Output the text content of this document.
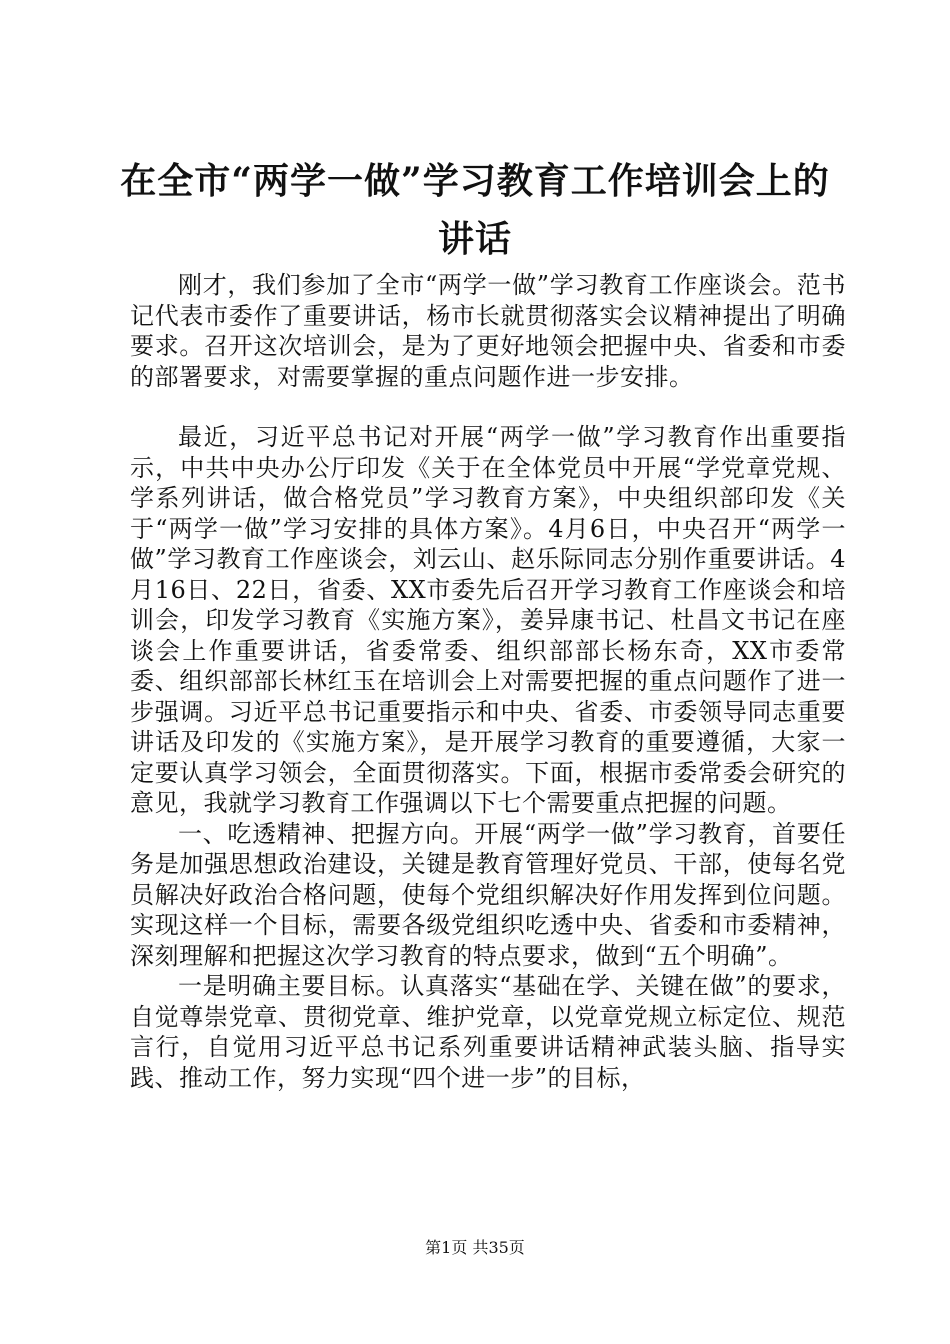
在全市“两学一做”学习教育工作培训会上的
讲话

刚才，我们参加了全市“两学一做”学习教育工作座谈会。范书记代表市委作了重要讲话，杨市长就贯彻落实会议精神提出了明确要求。召开这次培训会，是为了更好地领会把握中央、省委和市委的部署要求，对需要掌握的重点问题作进一步安排。

最近，习近平总书记对开展“两学一做”学习教育作出重要指示，中共中央办公厅印发《关于在全体党员中开展“学党章党规、学系列讲话，做合格党员”学习教育方案》，中央组织部印发《关于“两学一做”学习安排的具体方案》。4月6日，中央召开“两学一做”学习教育工作座谈会，刘云山、赵乐际同志分别作重要讲话。4月16日、22日，省委、XX市委先后召开学习教育工作座谈会和培训会，印发学习教育《实施方案》，姜异康书记、杜昌文书记在座谈会上作重要讲话，省委常委、组织部部长杨东奇，XX市委常委、组织部部长林红玉在培训会上对需要把握的重点问题作了进一步强调。习近平总书记重要指示和中央、省委、市委领导同志重要讲话及印发的《实施方案》，是开展学习教育的重要遵循，大家一定要认真学习领会，全面贯彻落实。下面，根据市委常委会研究的意见，我就学习教育工作强调以下七个需要重点把握的问题。

一、吃透精神、把握方向。开展“两学一做”学习教育，首要任务是加强思想政治建设，关键是教育管理好党员、干部，使每名党员解决好政治合格问题，使每个党组织解决好作用发挥到位问题。实现这样一个目标，需要各级党组织吃透中央、省委和市委精神，深刻理解和把握这次学习教育的特点要求，做到“五个明确”。

一是明确主要目标。认真落实“基础在学、关键在做”的要求，自觉尊崇党章、贯彻党章、维护党章，以党章党规立标定位、规范言行，自觉用习近平总书记系列重要讲话精神武装头脑、指导实践、推动工作，努力实现“四个进一步”的目标，

第1页 共35页
